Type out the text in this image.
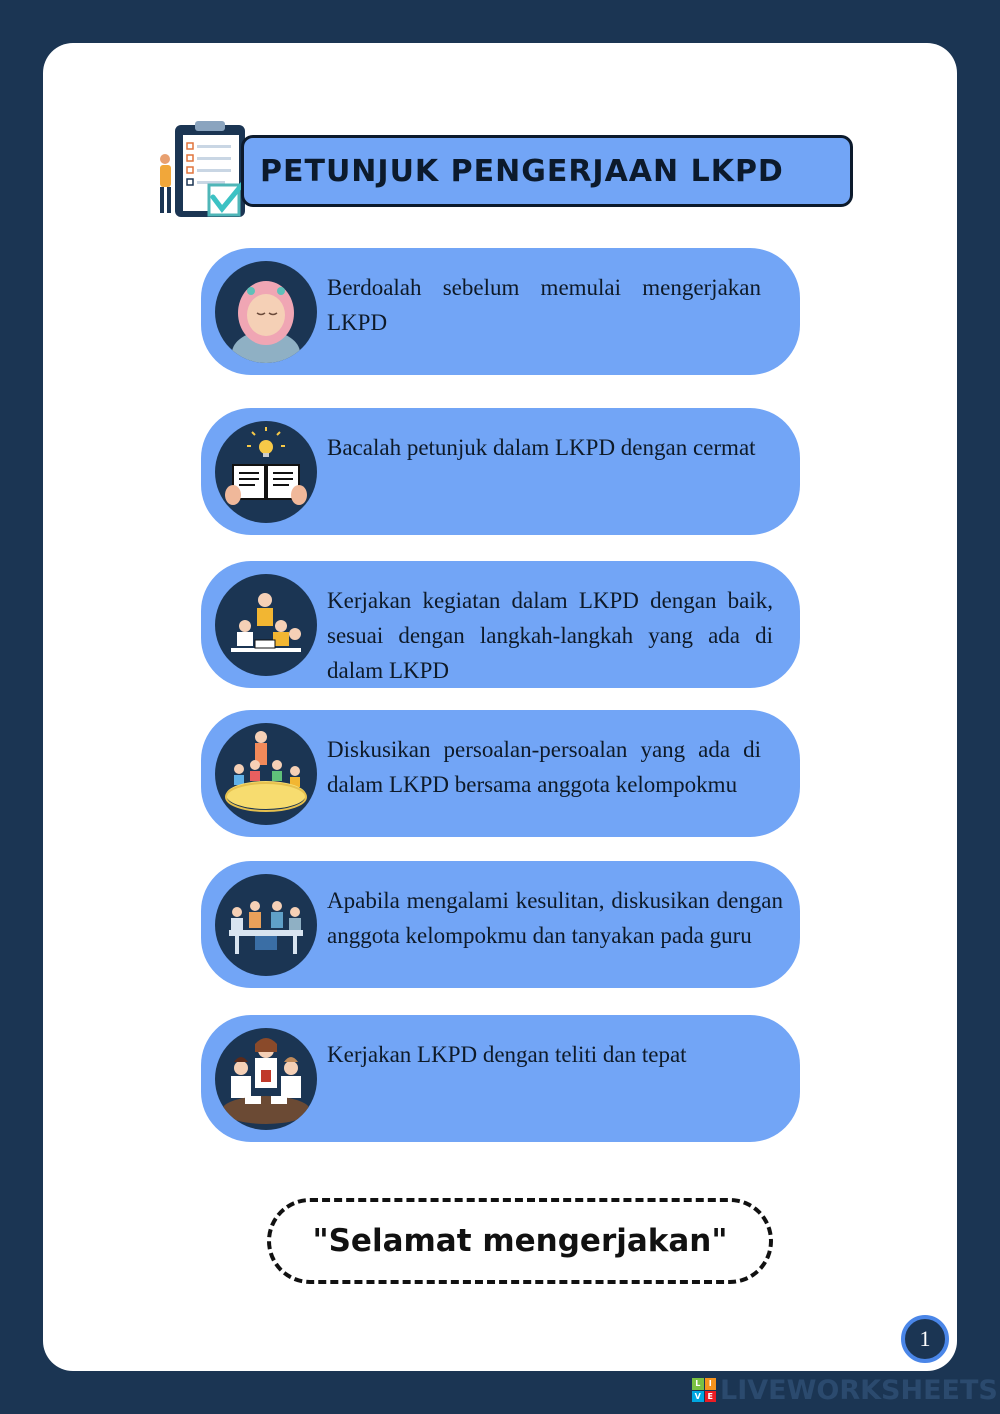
PETUNJUK PENGERJAAN LKPD
Berdoalah sebelum memulai mengerjakan LKPD
Bacalah petunjuk dalam LKPD dengan cermat
Kerjakan kegiatan dalam LKPD dengan baik, sesuai dengan langkah-langkah yang ada di dalam LKPD
Diskusikan persoalan-persoalan yang ada di dalam LKPD bersama anggota kelompokmu
Apabila mengalami kesulitan, diskusikan dengan anggota kelompokmu dan tanyakan pada guru
Kerjakan LKPD dengan teliti dan tepat
"Selamat mengerjakan"
1
L	I
V E LIVEWORKSHEETS
